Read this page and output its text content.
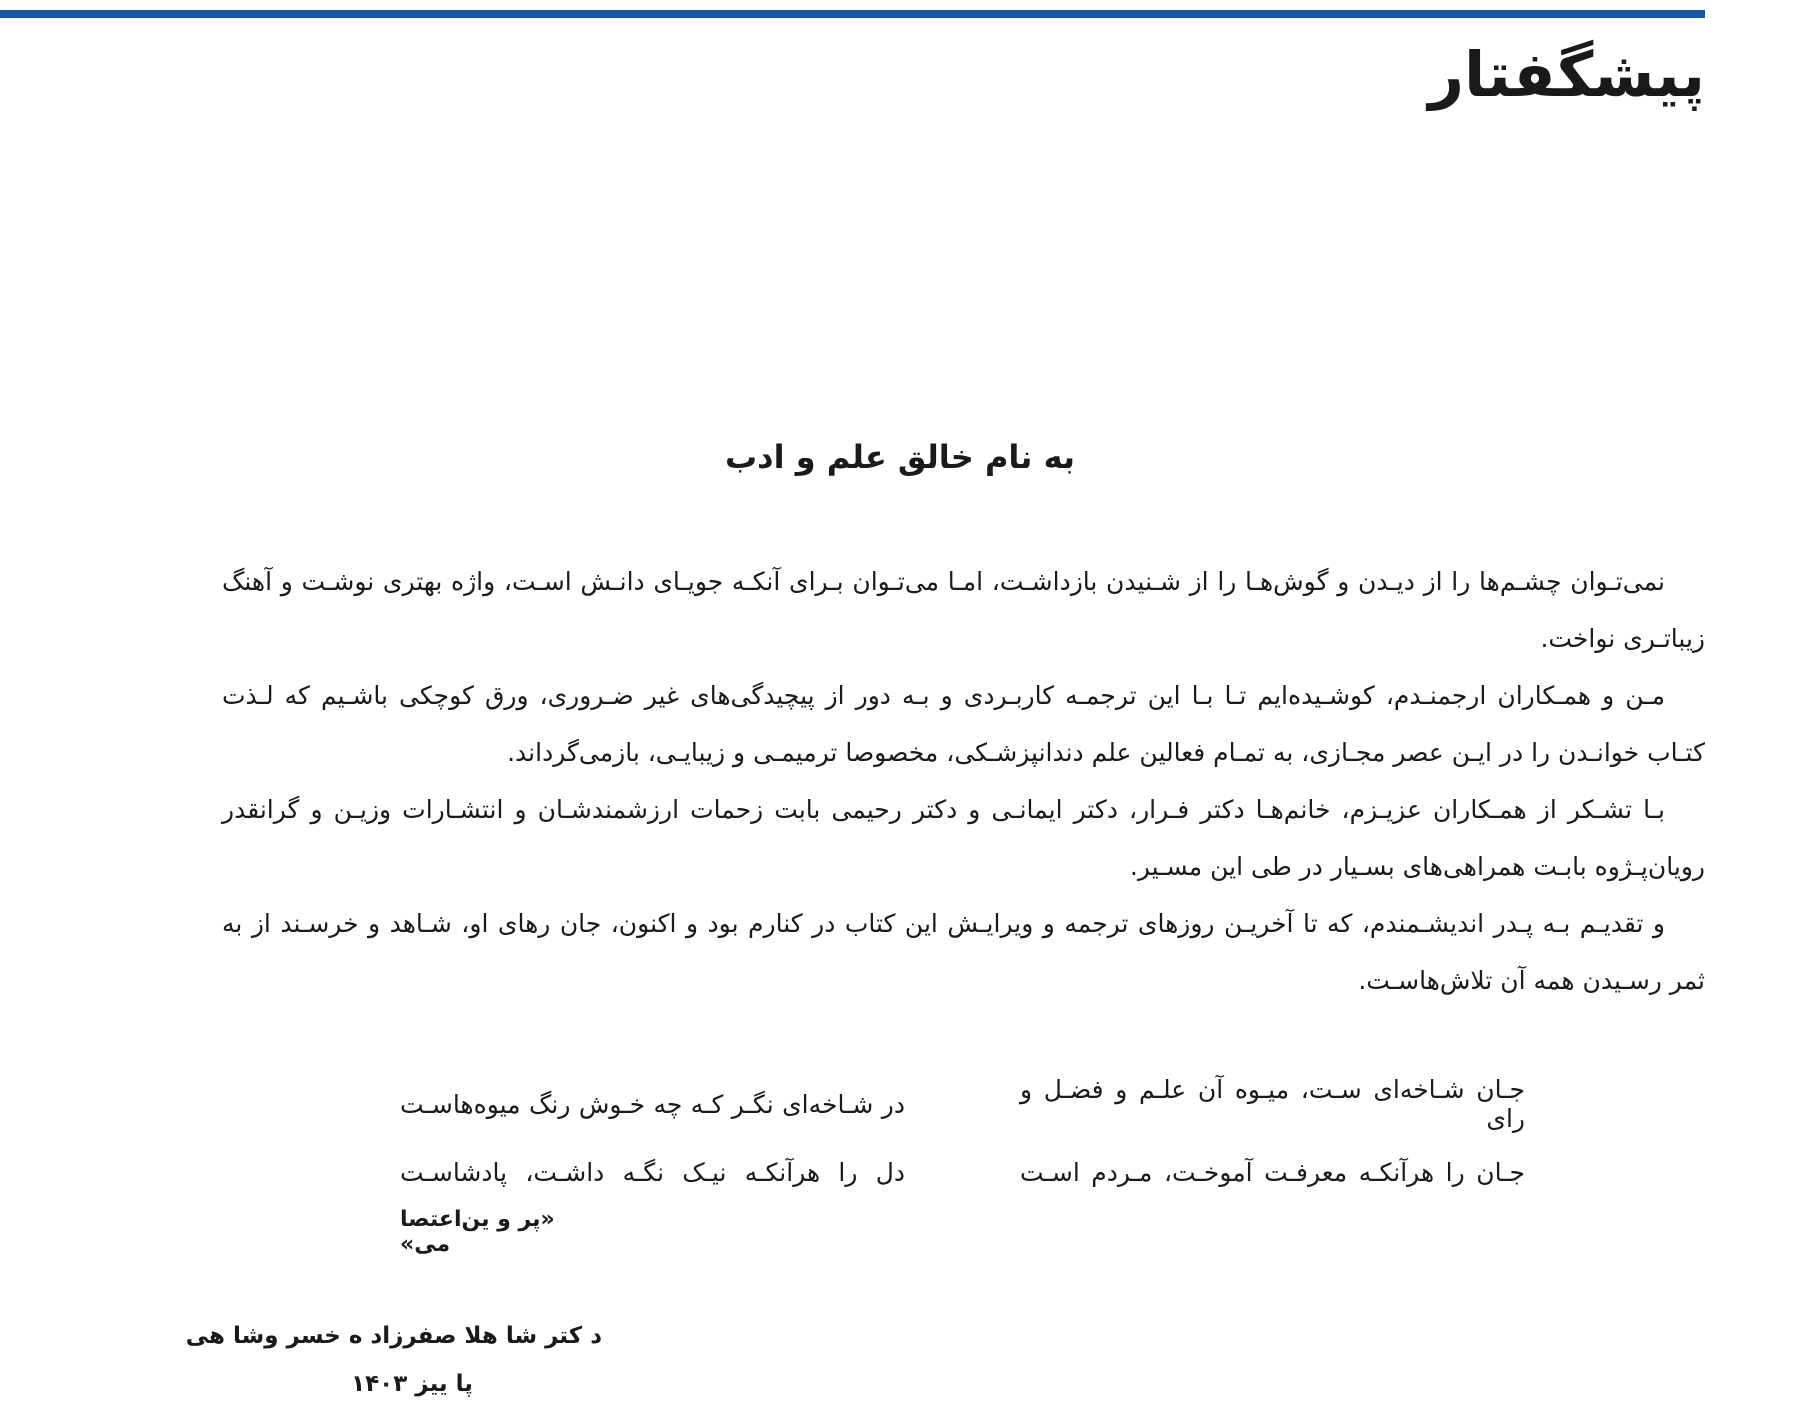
پیشگفتار
به نام خالق علم و ادب

نمی‌تـوان چشـم‌ها را از دیـدن و گوش‌هـا را از شـنیدن بازداشـت، امـا می‌تـوان بـرای آنکـه جویـای دانـش اسـت، واژه بهتری نوشـت و آهنگ زیباتـری نواخت.

مـن و همـکاران ارجمنـدم، کوشـیده‌ایم تـا بـا این ترجمـه کاربـردی و بـه دور از پیچیدگی‌های غیر ضـروری، ورق کوچکی باشـیم که لـذت کتـاب خوانـدن را در ایـن عصر مجـازی، به تمـام فعالین علم دندانپزشـکی، مخصوصا ترمیمـی و زیبایـی، بازمی‌گرداند.

بـا تشـکر از همـکاران عزیـزم، خانم‌هـا دکتر فـرار، دکتر ایمانـی و دکتر رحیمی بابت زحمات ارزشمندشـان و انتشـارات وزیـن و گرانقدر رویان‌پـژوه بابـت همراهی‌های بسـیار در طی این مسـیر.

و تقدیـم بـه پـدر اندیشـمندم، که تا آخریـن روزهای ترجمه و ویرایـش این کتاب در کنارم بود و اکنون، جان رهای او، شـاهد و خرسـند از به ثمر رسـیدن همه آن تلاش‌هاسـت.

جـان شـاخه‌ای سـت، میـوه آن علـم و فضـل و رای
در شـاخه‌ای نگـر کـه چه خـوش رنگ میوه‌هاسـت
جـان را هرآنکـه معرفـت آموخـت، مـردم اسـت
دل را هرآنکـه نیـک نگـه داشـت، پادشاسـت
«پر و ین‌اعتصا می»
د کتر شا هلا صفرزاد ه خسر وشا هی
پا ییز ۱۴۰۳
